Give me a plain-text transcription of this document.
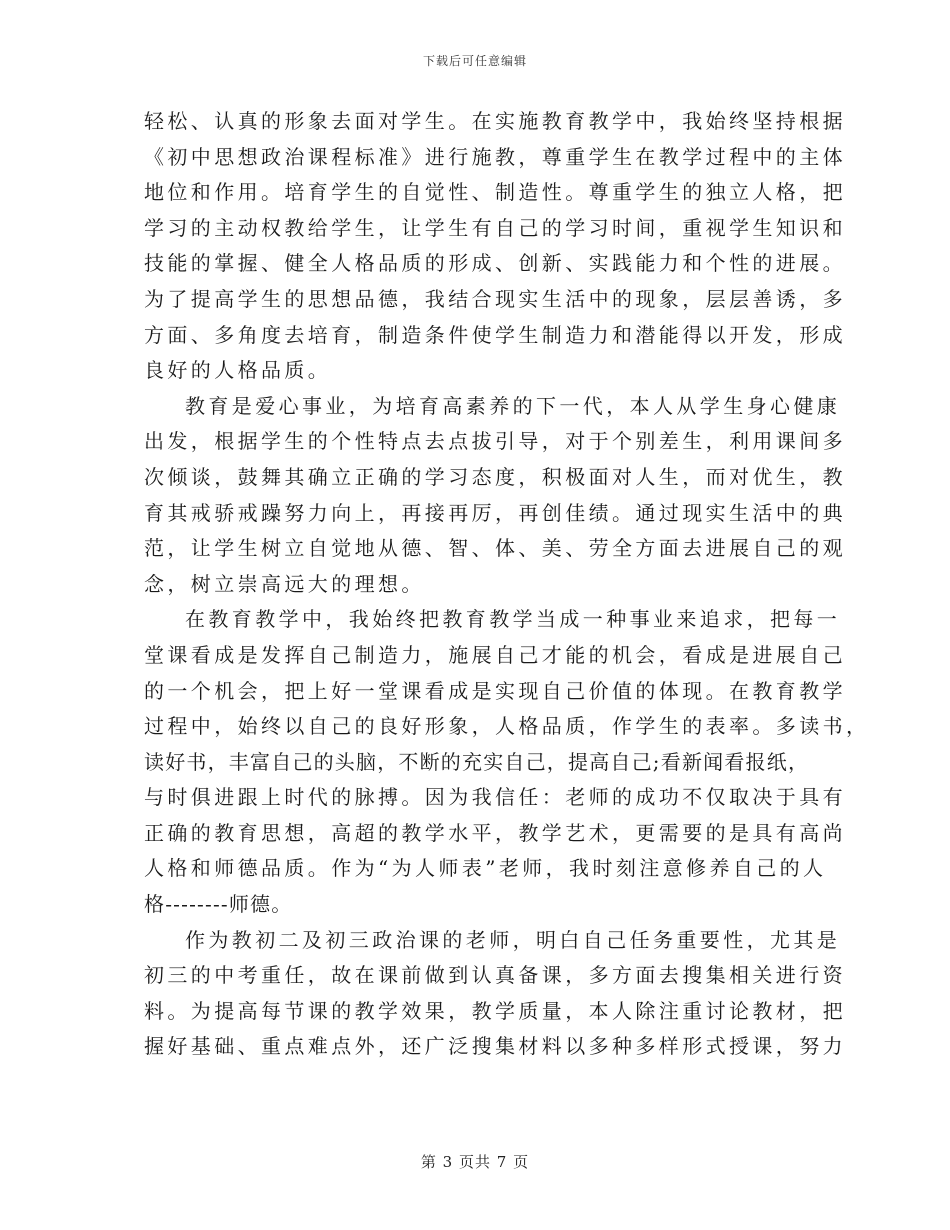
下载后可任意编辑
轻松、认真的形象去面对学生。在实施教育教学中，我始终坚持根据
《初中思想政治课程标准》进行施教，尊重学生在教学过程中的主体
地位和作用。培育学生的自觉性、制造性。尊重学生的独立人格，把
学习的主动权教给学生，让学生有自己的学习时间，重视学生知识和
技能的掌握、健全人格品质的形成、创新、实践能力和个性的进展。
为了提高学生的思想品德，我结合现实生活中的现象，层层善诱，多
方面、多角度去培育，制造条件使学生制造力和潜能得以开发，形成
良好的人格品质。
教育是爱心事业，为培育高素养的下一代，本人从学生身心健康
出发，根据学生的个性特点去点拔引导，对于个别差生，利用课间多
次倾谈，鼓舞其确立正确的学习态度，积极面对人生，而对优生，教
育其戒骄戒躁努力向上，再接再厉，再创佳绩。通过现实生活中的典
范，让学生树立自觉地从德、智、体、美、劳全方面去进展自己的观
念，树立崇高远大的理想。
在教育教学中，我始终把教育教学当成一种事业来追求，把每一
堂课看成是发挥自己制造力，施展自己才能的机会，看成是进展自己
的一个机会，把上好一堂课看成是实现自己价值的体现。在教育教学
过程中，始终以自己的良好形象，人格品质，作学生的表率。多读书，
读好书，丰富自己的头脑，不断的充实自己，提高自己;看新闻看报纸，
与时俱进跟上时代的脉搏。因为我信任：老师的成功不仅取决于具有
正确的教育思想，高超的教学水平，教学艺术，更需要的是具有高尚
人格和师德品质。作为“为人师表”老师，我时刻注意修养自己的人
格--------师德。
作为教初二及初三政治课的老师，明白自己任务重要性，尤其是
初三的中考重任，故在课前做到认真备课，多方面去搜集相关进行资
料。为提高每节课的教学效果，教学质量，本人除注重讨论教材，把
握好基础、重点难点外，还广泛搜集材料以多种多样形式授课，努力
第 3 页共 7 页
